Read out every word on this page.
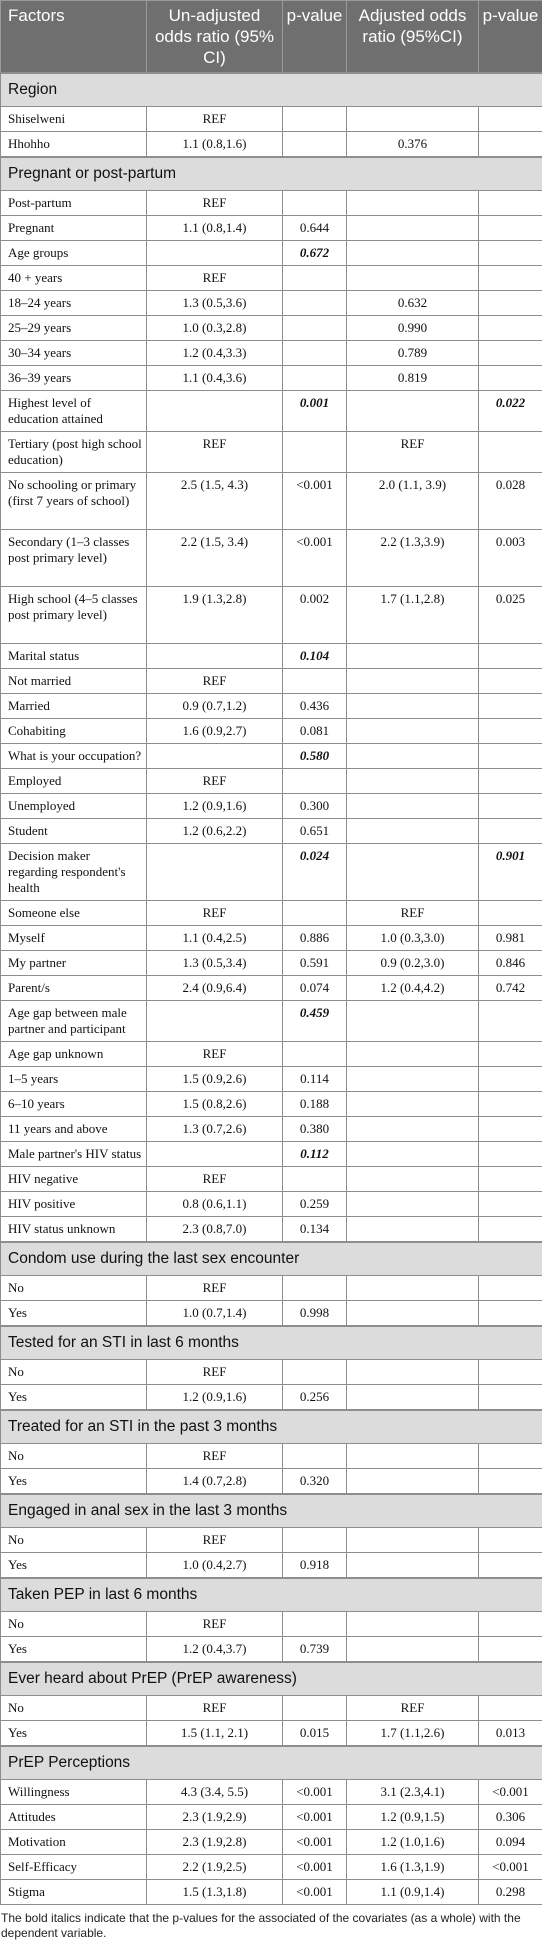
Factors	Un-adjusted odds ratio (95% CI)	p-value	Adjusted odds ratio (95%CI)	p-value
Region				
Shiselweni	REF			
Hhohho	1.1 (0.8,1.6)		0.376	
Pregnant or post-partum				
Post-partum	REF			
Pregnant	1.1 (0.8,1.4)	0.644		
Age groups		0.672		
40 + years	REF			
18–24 years	1.3 (0.5,3.6)		0.632	
25–29 years	1.0 (0.3,2.8)		0.990	
30–34 years	1.2 (0.4,3.3)		0.789	
36–39 years	1.1 (0.4,3.6)		0.819	
Highest level of education attained		0.001		0.022
Tertiary (post high school education)	REF		REF	
No schooling or primary (first 7 years of school)	2.5 (1.5, 4.3)	<0.001	2.0 (1.1, 3.9)	0.028
Secondary (1–3 classes post primary level)	2.2 (1.5, 3.4)	<0.001	2.2 (1.3,3.9)	0.003
High school (4–5 classes post primary level)	1.9 (1.3,2.8)	0.002	1.7 (1.1,2.8)	0.025
Marital status		0.104		
Not married	REF			
Married	0.9 (0.7,1.2)	0.436		
Cohabiting	1.6 (0.9,2.7)	0.081		
What is your occupation?		0.580		
Employed	REF			
Unemployed	1.2 (0.9,1.6)	0.300		
Student	1.2 (0.6,2.2)	0.651		
Decision maker regarding respondent's health		0.024		0.901
Someone else	REF		REF	
Myself	1.1 (0.4,2.5)	0.886	1.0 (0.3,3.0)	0.981
My partner	1.3 (0.5,3.4)	0.591	0.9 (0.2,3.0)	0.846
Parent/s	2.4 (0.9,6.4)	0.074	1.2 (0.4,4.2)	0.742
Age gap between male partner and participant		0.459		
Age gap unknown	REF			
1–5 years	1.5 (0.9,2.6)	0.114		
6–10 years	1.5 (0.8,2.6)	0.188		
11 years and above	1.3 (0.7,2.6)	0.380		
Male partner's HIV status		0.112		
HIV negative	REF			
HIV positive	0.8 (0.6,1.1)	0.259		
HIV status unknown	2.3 (0.8,7.0)	0.134		
Condom use during the last sex encounter				
No	REF			
Yes	1.0 (0.7,1.4)	0.998		
Tested for an STI in last 6 months				
No	REF			
Yes	1.2 (0.9,1.6)	0.256		
Treated for an STI in the past 3 months				
No	REF			
Yes	1.4 (0.7,2.8)	0.320		
Engaged in anal sex in the last 3 months				
No	REF			
Yes	1.0 (0.4,2.7)	0.918		
Taken PEP in last 6 months				
No	REF			
Yes	1.2 (0.4,3.7)	0.739		
Ever heard about PrEP (PrEP awareness)				
No	REF		REF	
Yes	1.5 (1.1, 2.1)	0.015	1.7 (1.1,2.6)	0.013
PrEP Perceptions				
Willingness	4.3 (3.4, 5.5)	<0.001	3.1 (2.3,4.1)	<0.001
Attitudes	2.3 (1.9,2.9)	<0.001	1.2 (0.9,1.5)	0.306
Motivation	2.3 (1.9,2.8)	<0.001	1.2 (1.0,1.6)	0.094
Self-Efficacy	2.2 (1.9,2.5)	<0.001	1.6 (1.3,1.9)	<0.001
Stigma	1.5 (1.3,1.8)	<0.001	1.1 (0.9,1.4)	0.298
The bold italics indicate that the p-values for the associated of the covariates (as a whole) with the dependent variable.
